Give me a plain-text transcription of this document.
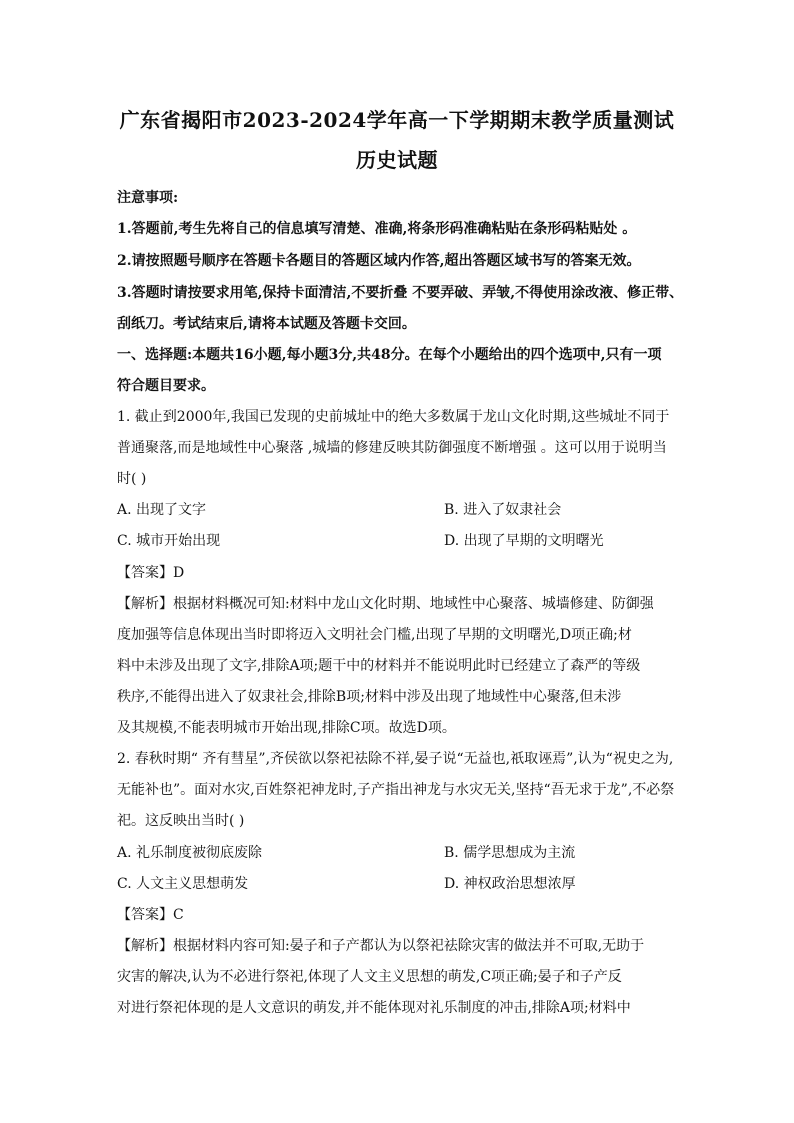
广东省揭阳市2023-2024学年高一下学期期末教学质量测试
历史试题
注意事项:
1.答题前,考生先将自己的信息填写清楚、准确,将条形码准确粘贴在条形码粘贴处 。
2.请按照题号顺序在答题卡各题目的答题区域内作答,超出答题区域书写的答案无效。
3.答题时请按要求用笔,保持卡面清洁,不要折叠 不要弄破、弄皱,不得使用涂改液、修正带、
刮纸刀。考试结束后,请将本试题及答题卡交回。
一、选择题:本题共16小题,每小题3分,共48分。在每个小题给出的四个选项中,只有一项
符合题目要求。
1. 截止到2000年,我国已发现的史前城址中的绝大多数属于龙山文化时期,这些城址不同于
普通聚落,而是地域性中心聚落 ,城墙的修建反映其防御强度不断增强 。这可以用于说明当
时( )
A. 出现了文字	B. 进入了奴隶社会
C. 城市开始出现	D. 出现了早期的文明曙光
【答案】D
【解析】根据材料概况可知:材料中龙山文化时期、地域性中心聚落、城墙修建、防御强
度加强等信息体现出当时即将迈入文明社会门槛,出现了早期的文明曙光,D项正确;材
料中未涉及出现了文字,排除A项;题干中的材料并不能说明此时已经建立了森严的等级
秩序,不能得出进入了奴隶社会,排除B项;材料中涉及出现了地域性中心聚落,但未涉
及其规模,不能表明城市开始出现,排除C项。故选D项。
2. 春秋时期“ 齐有彗星”,齐侯欲以祭祀祛除不祥,晏子说“无益也,祇取诬焉”,认为“祝史之为,
无能补也”。面对水灾,百姓祭祀神龙时,子产指出神龙与水灾无关,坚持“吾无求于龙”,不必祭
祀。这反映出当时( )
A. 礼乐制度被彻底废除	B. 儒学思想成为主流
C. 人文主义思想萌发	D. 神权政治思想浓厚
【答案】C
【解析】根据材料内容可知:晏子和子产都认为以祭祀祛除灾害的做法并不可取,无助于
灾害的解决,认为不必进行祭祀,体现了人文主义思想的萌发,C项正确;晏子和子产反
对进行祭祀体现的是人文意识的萌发,并不能体现对礼乐制度的冲击,排除A项;材料中
